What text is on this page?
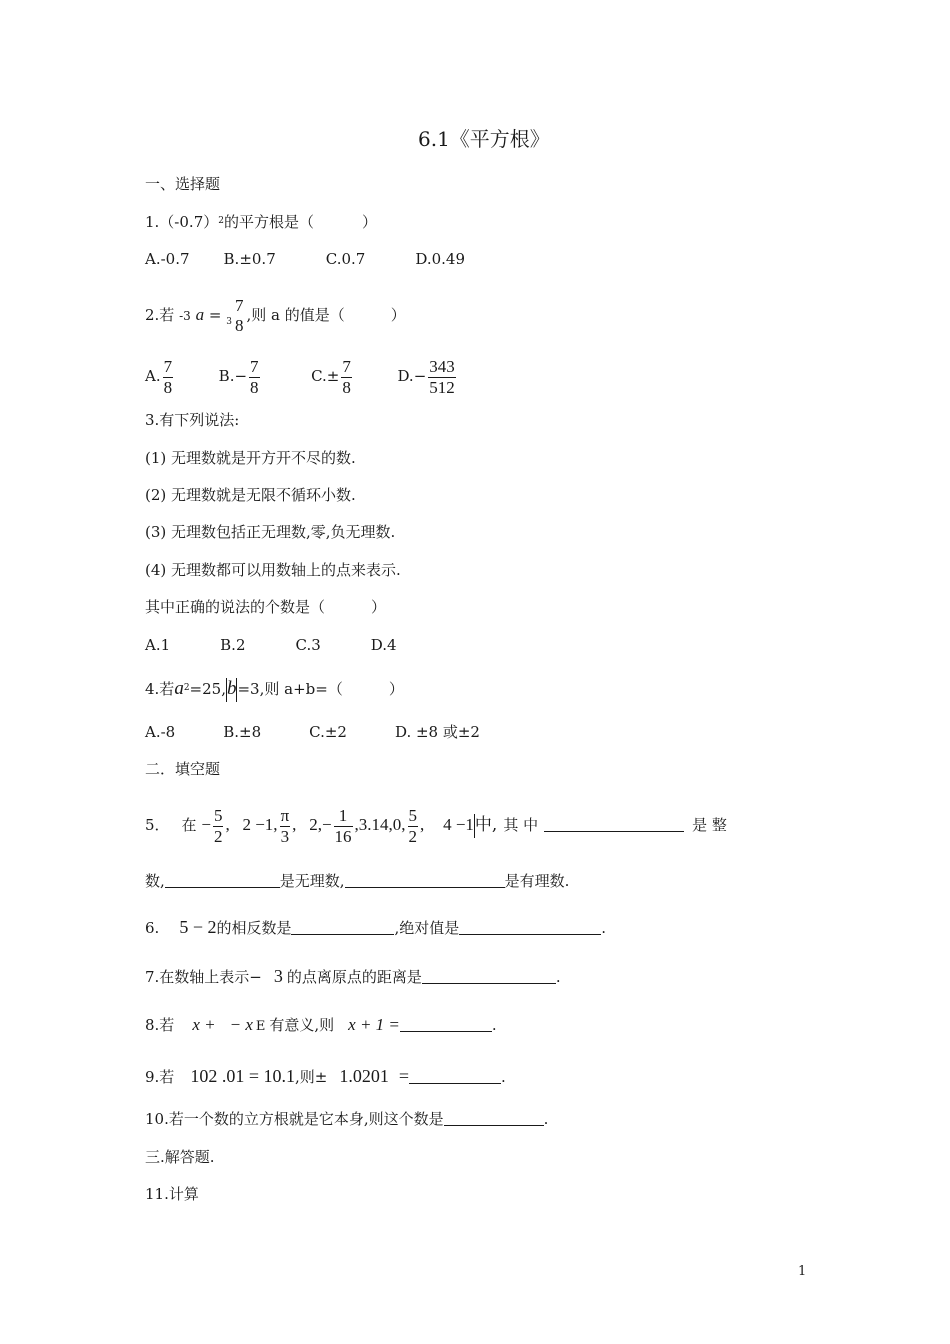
6.1《平方根》
一、选择题
$1.(-0.7)^2$的平方根是（	）
A.-0.7 B.±0.7	C.0.7	D.0.49
2.若 -3 a = $_3$
7
8
,则 a 的值是（	）
A. $\frac{7}{8}$	$B.- \frac{7}{8}$	$C.\pm \frac{7}{8}$	$D.- \frac{343}{512}$
3.有下列说法:
(1) 无理数就是开方开不尽的数.
(2) 无理数就是无限不循环小数.
(3) 无理数包括正无理数,零,负无理数.
(4) 无理数都可以用数轴上的点来表示.
其中正确的说法的个数是（	）
A.1	B.2	C.3	D.4
4.若$a^2=25,b=3$,则 a+b=（	）
A.-8	B.±8	C.±2	D. ±8 或±2
二．填空题
5． 在 − $\frac{5}{2}$ , 2 −1, $\frac{\pi}{3}$ , $2,- \frac{1}{16} ,3.14,0$, $\frac{5}{2}$ , 4 −1中, 其 中	是 整
数,	是无理数,	是有理数.
6. 5 − 2的相反数是	,绝对值是	.
7.在数轴上表示− 3 的点离原点的距离是	.
8.若 x + − x E 有意义,则 x + 1 =	.
9.若 102 .01 = 10.1,则± 1.0201 =	.
10.若一个数的立方根就是它本身,则这个数是	.
三.解答题.
11.计算
1
